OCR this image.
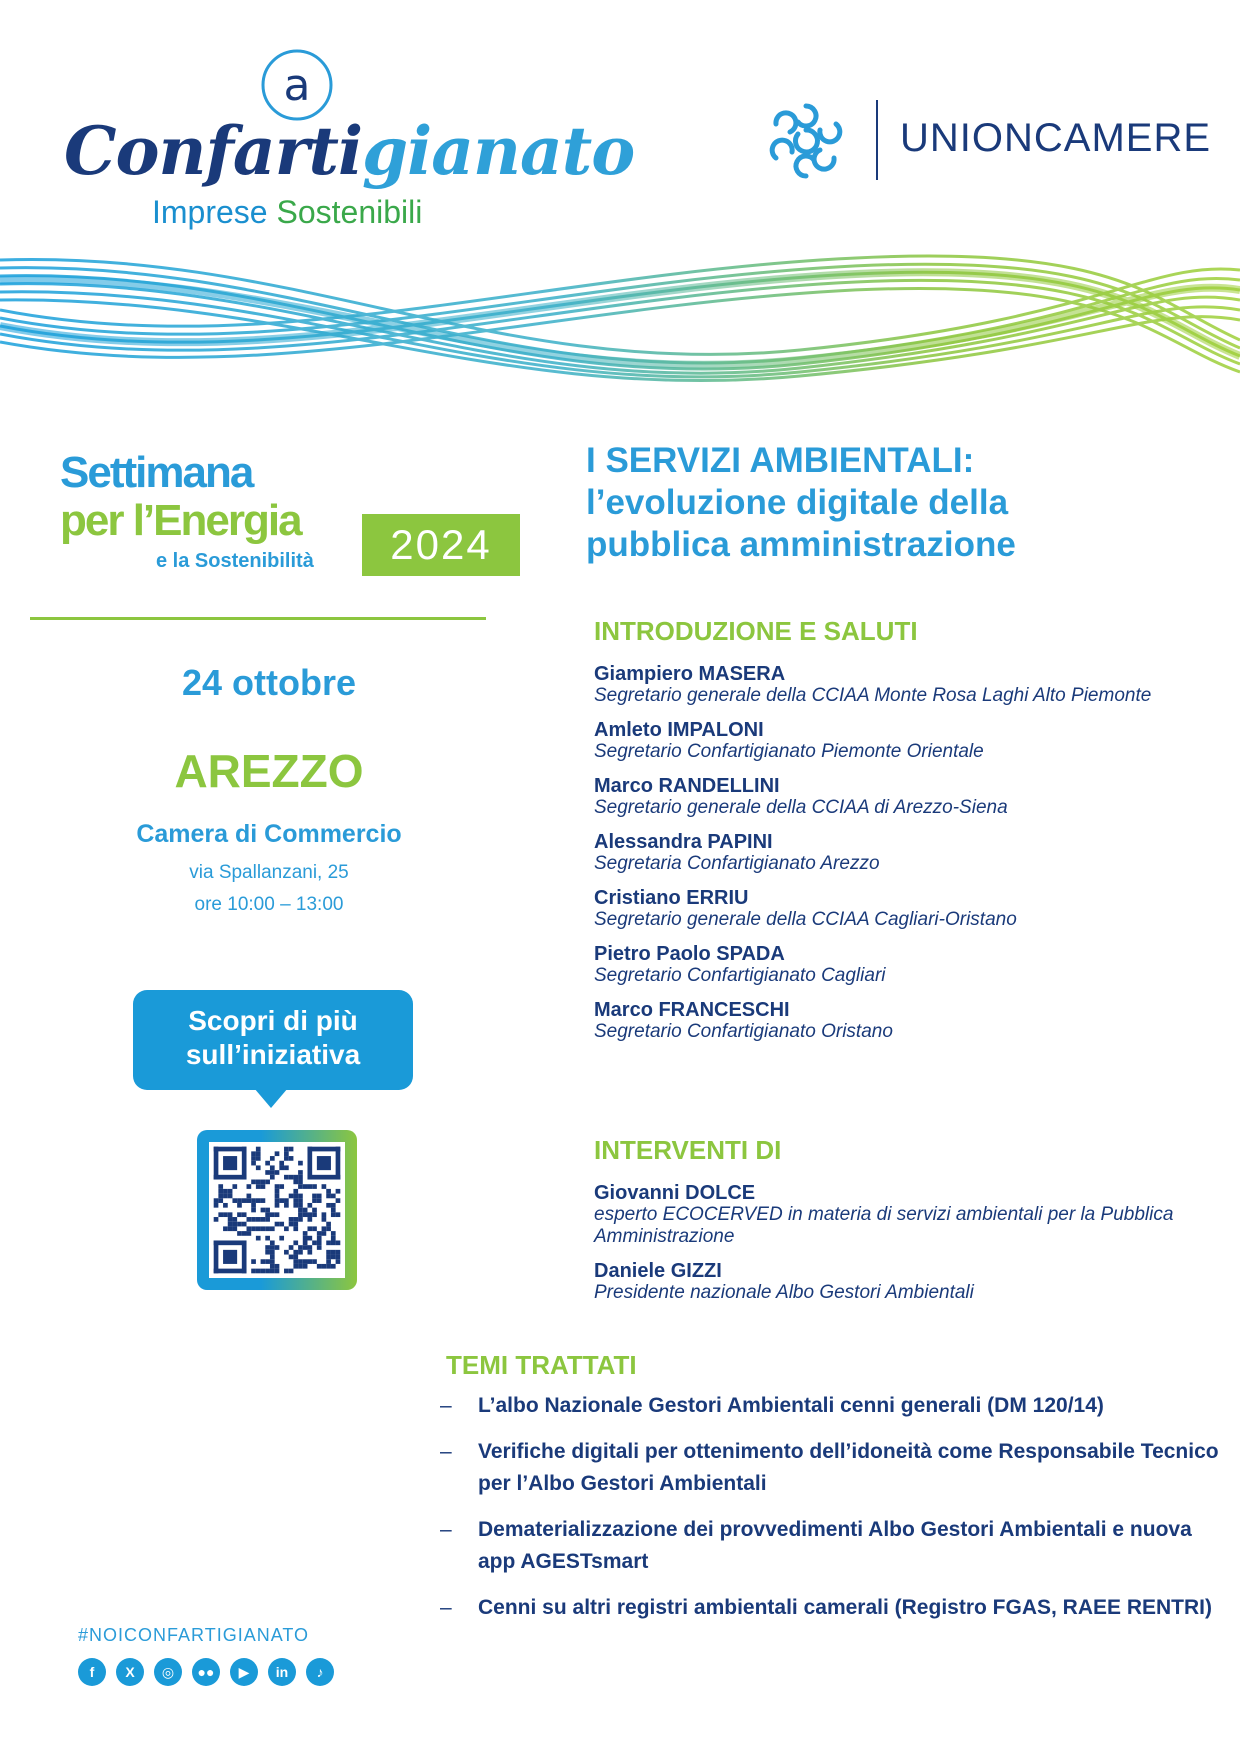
a
Confartigianato
Imprese Sostenibili
UNIONCAMERE
Settimana
per l’Energia
e la Sostenibilità	2024
24 ottobre
AREZZO
Camera di Commercio
via Spallanzani, 25
ore 10:00 – 13:00
Scopri di più sull’iniziativa
#NOICONFARTIGIANATO
f	X	◎	●●	▶	in	♪
I SERVIZI AMBIENTALI:
l’evoluzione digitale della
pubblica amministrazione
INTRODUZIONE E SALUTI
Giampiero MASERA
Segretario generale della CCIAA Monte Rosa Laghi Alto Piemonte
Amleto IMPALONI
Segretario Confartigianato Piemonte Orientale
Marco RANDELLINI
Segretario generale della CCIAA di Arezzo-Siena
Alessandra PAPINI
Segretaria Confartigianato Arezzo
Cristiano ERRIU
Segretario generale della CCIAA Cagliari-Oristano
Pietro Paolo SPADA
Segretario Confartigianato Cagliari
Marco FRANCESCHI
Segretario Confartigianato Oristano
INTERVENTI DI
Giovanni DOLCE
esperto ECOCERVED in materia di servizi ambientali per la Pubblica Amministrazione
Daniele GIZZI
Presidente nazionale Albo Gestori Ambientali
TEMI TRATTATI
– L’albo Nazionale Gestori Ambientali cenni generali (DM 120/14)
– Verifiche digitali per ottenimento dell’idoneità come Responsabile Tecnico per l’Albo Gestori Ambientali
– Dematerializzazione dei provvedimenti Albo Gestori Ambientali e nuova app AGESTsmart
– Cenni su altri registri ambientali camerali (Registro FGAS, RAEE RENTRI)
